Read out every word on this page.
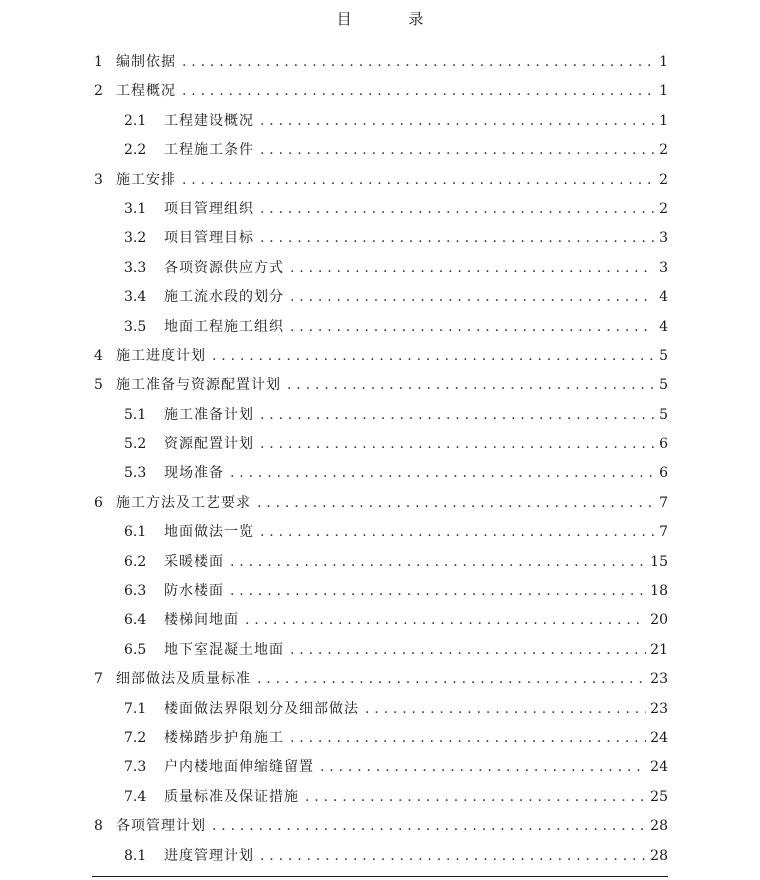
目 录
1 编制依据 . . .	1
2 工程概况 . . .	1
2.1	工程建设概况 . . .	1
2.2	工程施工条件 . . .	2
3 施工安排 . . .	2
3.1	项目管理组织 . . .	2
3.2	项目管理目标 . . .	3
3.3	各项资源供应方式 . . .	3
3.4	施工流水段的划分 . . .	4
3.5	地面工程施工组织 . . .	4
4 施工进度计划 . . .	5
5 施工准备与资源配置计划 . . .	5
5.1	施工准备计划 . . .	5
5.2	资源配置计划 . . .	6
5.3	现场准备 . . .	6
6 施工方法及工艺要求 . . .	7
6.1	地面做法一览 . . .	7
6.2	采暖楼面 . . .	15
6.3	防水楼面 . . .	18
6.4	楼梯间地面 . . .	20
6.5	地下室混凝土地面 . . .	21
7 细部做法及质量标准 . . .	23
7.1	楼面做法界限划分及细部做法 . . .	23
7.2	楼梯踏步护角施工 . . .	24
7.3	户内楼地面伸缩缝留置 . . .	24
7.4	质量标准及保证措施 . . .	25
8 各项管理计划 . . .	28
8.1	进度管理计划 . . .	28
